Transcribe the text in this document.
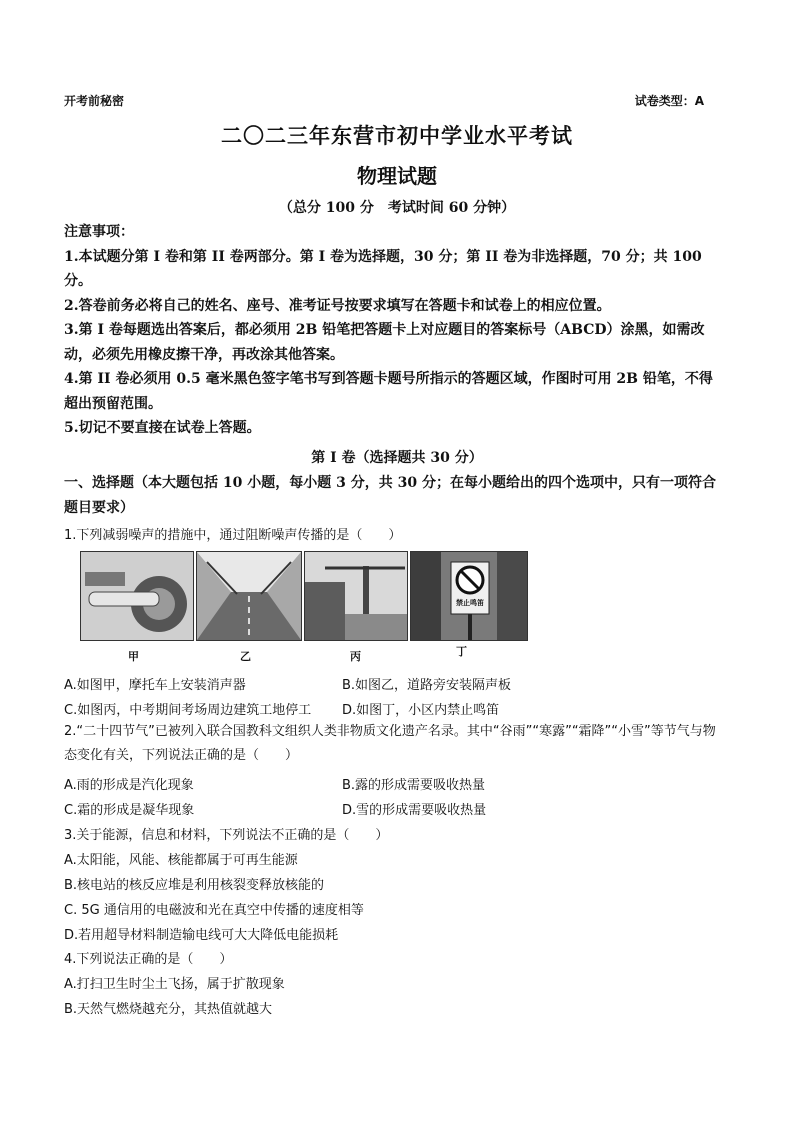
开考前秘密	试卷类型：A
二〇二三年东营市初中学业水平考试
物理试题
（总分 100 分　考试时间 60 分钟）
注意事项：
1.本试题分第 I 卷和第 II 卷两部分。第 I 卷为选择题，30 分；第 II 卷为非选择题，70 分；共 100 分。
2.答卷前务必将自己的姓名、座号、准考证号按要求填写在答题卡和试卷上的相应位置。
3.第 I 卷每题选出答案后，都必须用 2B 铅笔把答题卡上对应题目的答案标号（ABCD）涂黑，如需改动，必须先用橡皮擦干净，再改涂其他答案。
4.第 II 卷必须用 0.5 毫米黑色签字笔书写到答题卡题号所指示的答题区域，作图时可用 2B 铅笔，不得超出预留范围。
5.切记不要直接在试卷上答题。
第 I 卷（选择题共 30 分）
一、选择题（本大题包括 10 小题，每小题 3 分，共 30 分；在每小题给出的四个选项中，只有一项符合题目要求）
1.下列减弱噪声的措施中，通过阻断噪声传播的是（　　）
禁止鸣笛
甲	乙	丙	丁
A.如图甲，摩托车上安装消声器	B.如图乙，道路旁安装隔声板
C.如图丙，中考期间考场周边建筑工地停工 D.如图丁，小区内禁止鸣笛
2.“二十四节气”已被列入联合国教科文组织人类非物质文化遗产名录。其中“谷雨”“寒露”“霜降”“小雪”等节气与物态变化有关，下列说法正确的是（　　）
A.雨的形成是汽化现象	B.露的形成需要吸收热量
C.霜的形成是凝华现象	D.雪的形成需要吸收热量
3.关于能源，信息和材料，下列说法不正确的是（　　）
A.太阳能，风能、核能都属于可再生能源
B.核电站的核反应堆是利用核裂变释放核能的
C. 5G 通信用的电磁波和光在真空中传播的速度相等
D.若用超导材料制造输电线可大大降低电能损耗
4.下列说法正确的是（　　）
A.打扫卫生时尘土飞扬，属于扩散现象
B.天然气燃烧越充分，其热值就越大
